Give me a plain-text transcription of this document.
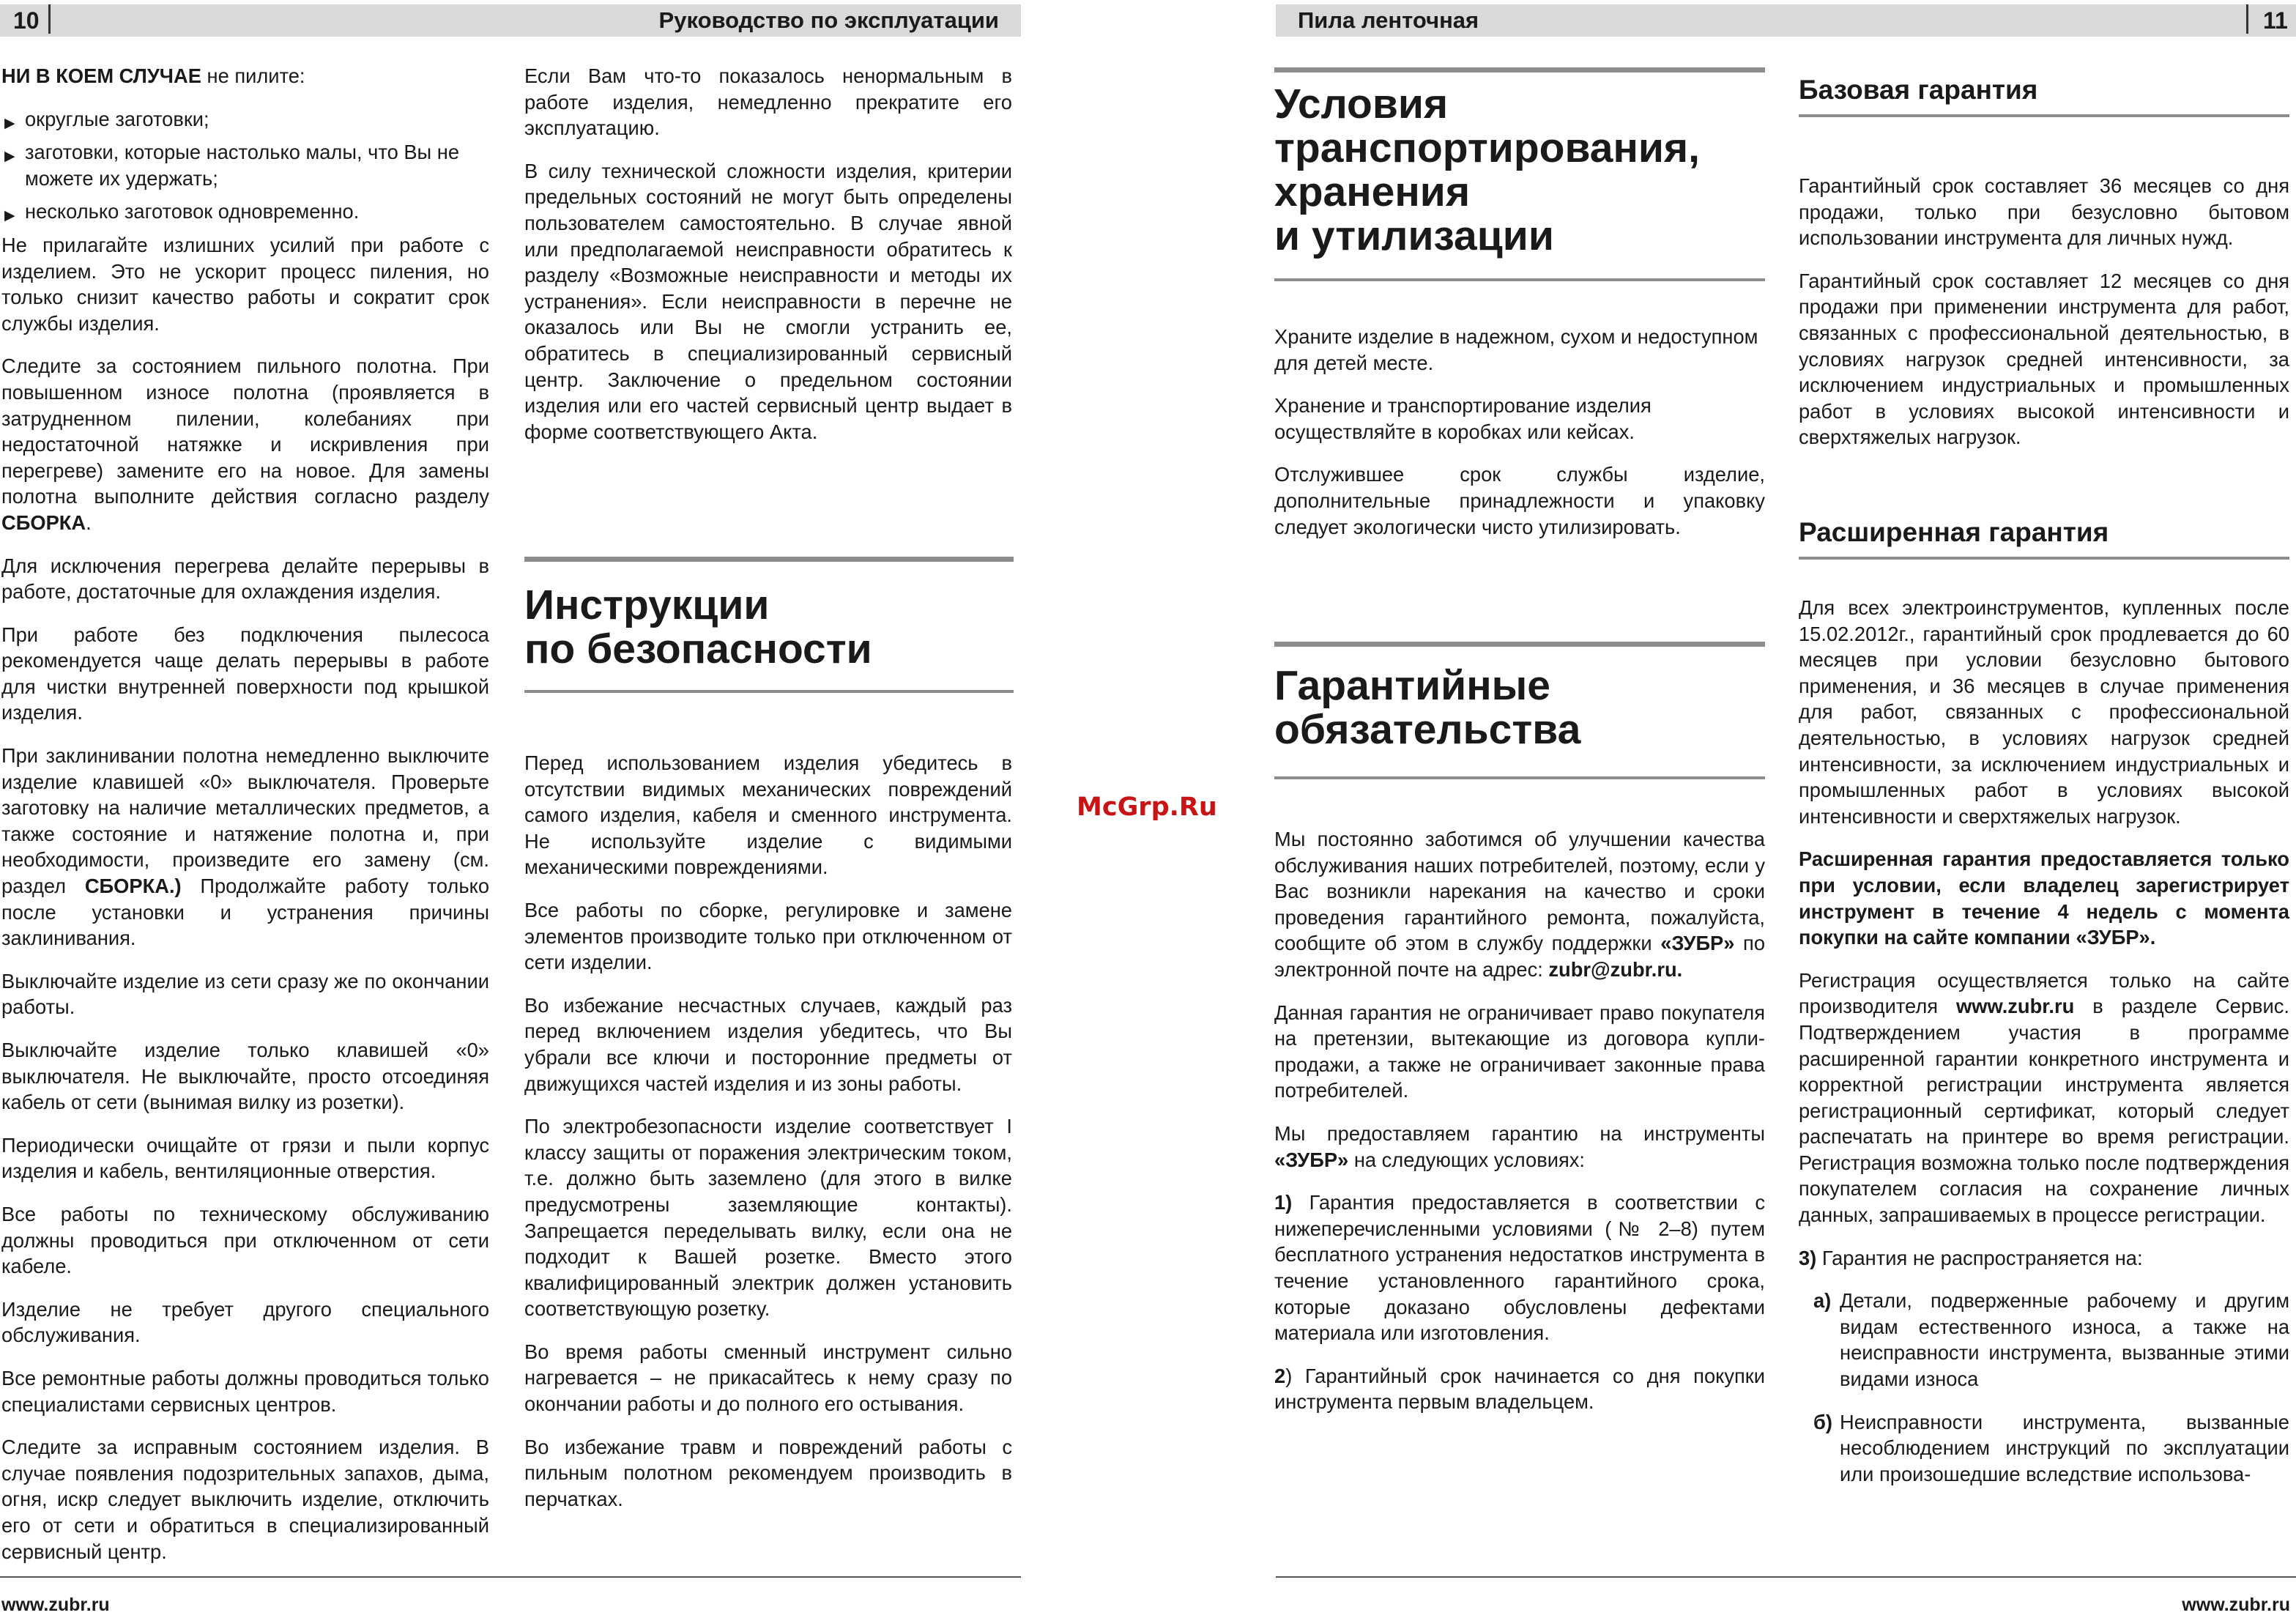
10	Руководство по эксплуатации	Пила ленточная	11

НИ В КОЕМ СЛУЧАЕ не пилите:

▶ округлые заготовки;
▶ заготовки, которые настолько малы, что Вы не можете их удержать;
▶ несколько заготовок одновременно.

Не прилагайте излишних усилий при работе с изделием. Это не ускорит процесс пиления, но только снизит качество работы и сократит срок службы изделия.

Следите за состоянием пильного полотна. При повышенном износе полотна (проявляется в затрудненном пилении, колебаниях при недостаточной натяжке и искривления при перегреве) замените его на новое. Для замены полотна выполните действия согласно разделу СБОРКА.

Для исключения перегрева делайте перерывы в работе, достаточные для охлаждения изделия.

При работе без подключения пылесоса рекомендуется чаще делать перерывы в работе для чистки внутренней поверхности под крышкой изделия.

При заклинивании полотна немедленно выключите изделие клавишей «0» выключателя. Проверьте заготовку на наличие металлических предметов, а также состояние и натяжение полотна и, при необходимости, произведите его замену (см. раздел СБОРКА.) Продолжайте работу только после установки и устранения причины заклинивания.

Выключайте изделие из сети сразу же по окончании работы.

Выключайте изделие только клавишей «0» выключателя. Не выключайте, просто отсоединяя кабель от сети (вынимая вилку из розетки).

Периодически очищайте от грязи и пыли корпус изделия и кабель, вентиляционные отверстия.

Все работы по техническому обслуживанию должны проводиться при отключенном от сети кабеле.

Изделие не требует другого специального обслуживания.

Все ремонтные работы должны проводиться только специалистами сервисных центров.

Следите за исправным состоянием изделия. В случае появления подозрительных запахов, дыма, огня, искр следует выключить изделие, отключить его от сети и обратиться в специализированный сервисный центр.

Если Вам что-то показалось ненормальным в работе изделия, немедленно прекратите его эксплуатацию.

В силу технической сложности изделия, критерии предельных состояний не могут быть определены пользователем самостоятельно. В случае явной или предполагаемой неисправности обратитесь к разделу «Возможные неисправности и методы их устранения». Если неисправности в перечне не оказалось или Вы не смогли устранить ее, обратитесь в специализированный сервисный центр. Заключение о предельном состоянии изделия или его частей сервисный центр выдает в форме соответствующего Акта.

Инструкции
по безопасности

Перед использованием изделия убедитесь в отсутствии видимых механических повреждений самого изделия, кабеля и сменного инструмента. Не используйте изделие с видимыми механическими повреждениями.

Все работы по сборке, регулировке и замене элементов производите только при отключенном от сети изделии.

Во избежание несчастных случаев, каждый раз перед включением изделия убедитесь, что Вы убрали все ключи и посторонние предметы от движущихся частей изделия и из зоны работы.

По электробезопасности изделие соответствует I классу защиты от поражения электрическим током, т.е. должно быть заземлено (для этого в вилке предусмотрены заземляющие контакты). Запрещается переделывать вилку, если она не подходит к Вашей розетке. Вместо этого квалифицированный электрик должен установить соответствующую розетку.

Во время работы сменный инструмент сильно нагревается – не прикасайтесь к нему сразу по окончании работы и до полного его остывания.

Во избежание травм и повреждений работы с пильным полотном рекомендуем производить в перчатках.

McGrp.Ru
Условия
транспортирования,
хранения
и утилизации

Храните изделие в надежном, сухом и недоступном для детей месте.

Хранение и транспортирование изделия осуществляйте в коробках или кейсах.

Отслужившее срок службы изделие, дополнительные принадлежности и упаковку следует экологически чисто утилизировать.

Гарантийные
обязательства

Мы постоянно заботимся об улучшении качества обслуживания наших потребителей, поэтому, если у Вас возникли нарекания на качество и сроки проведения гарантийного ремонта, пожалуйста, сообщите об этом в службу поддержки «ЗУБР» по электронной почте на адрес: zubr@zubr.ru.

Данная гарантия не ограничивает право покупателя на претензии, вытекающие из договора купли-продажи, а также не ограничивает законные права потребителей.

Мы предоставляем гарантию на инструменты «ЗУБР» на следующих условиях:

1) Гарантия предоставляется в соответствии с нижеперечисленными условиями (№ 2–8) путем бесплатного устранения недостатков инструмента в течение установленного гарантийного срока, которые доказано обусловлены дефектами материала или изготовления.

2) Гарантийный срок начинается со дня покупки инструмента первым владельцем.

Базовая гарантия

Гарантийный срок составляет 36 месяцев со дня продажи, только при безусловно бытовом использовании инструмента для личных нужд.

Гарантийный срок составляет 12 месяцев со дня продажи при применении инструмента для работ, связанных с профессиональной деятельностью, в условиях нагрузок средней интенсивности, за исключением индустриальных и промышленных работ в условиях высокой интенсивности и сверхтяжелых нагрузок.

Расширенная гарантия

Для всех электроинструментов, купленных после 15.02.2012г., гарантийный срок продлевается до 60 месяцев при условии безусловно бытового применения, и 36 месяцев в случае применения для работ, связанных с профессиональной деятельностью, в условиях нагрузок средней интенсивности, за исключением индустриальных и промышленных работ в условиях высокой интенсивности и сверхтяжелых нагрузок.

Расширенная гарантия предоставляется только при условии, если владелец зарегистрирует инструмент в течение 4 недель с момента покупки на сайте компании «ЗУБР».

Регистрация осуществляется только на сайте производителя www.zubr.ru в разделе Сервис. Подтверждением участия в программе расширенной гарантии конкретного инструмента и корректной регистрации инструмента является регистрационный сертификат, который следует распечатать на принтере во время регистрации. Регистрация возможна только после подтверждения покупателем согласия на сохранение личных данных, запрашиваемых в процессе регистрации.

3) Гарантия не распространяется на:

а) Детали, подверженные рабочему и другим видам естественного износа, а также на неисправности инструмента, вызванные этими видами износа
б) Неисправности инструмента, вызванные несоблюдением инструкций по эксплуатации или произошедшие вследствие использова-
www.zubr.ru	www.zubr.ru
